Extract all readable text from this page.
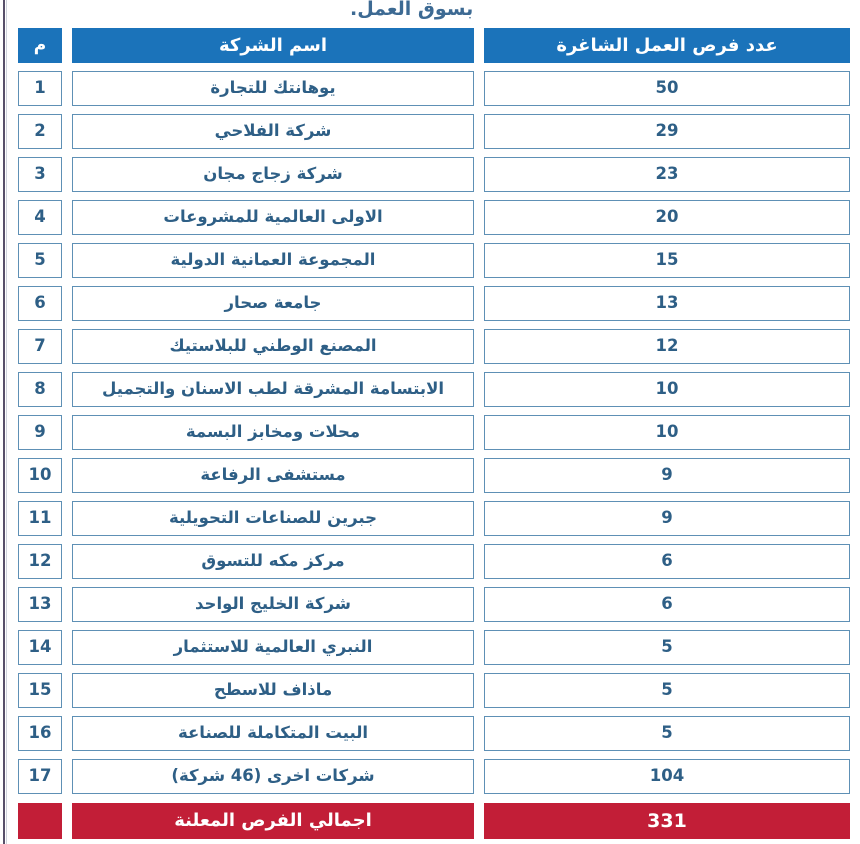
بسوق العمل.
م	اسم الشركة	عدد فرص العمل الشاغرة
1	يوهانتك للتجارة	50
2	شركة الفلاحي	29
3	شركة زجاج مجان	23
4	الاولى العالمية للمشروعات	20
5	المجموعة العمانية الدولية	15
6	جامعة صحار	13
7	المصنع الوطني للبلاستيك	12
8	الابتسامة المشرقة لطب الاسنان والتجميل	10
9	محلات ومخابز البسمة	10
10	مستشفى الرفاعة	9
11	جبرين للصناعات التحويلية	9
12	مركز مكه للتسوق	6
13	شركة الخليج الواحد	6
14	النبري العالمية للاستثمار	5
15	ماذاف للاسطح	5
16	البيت المتكاملة للصناعة	5
17	شركات اخرى (46 شركة)	104
اجمالي الفرص المعلنة	331
